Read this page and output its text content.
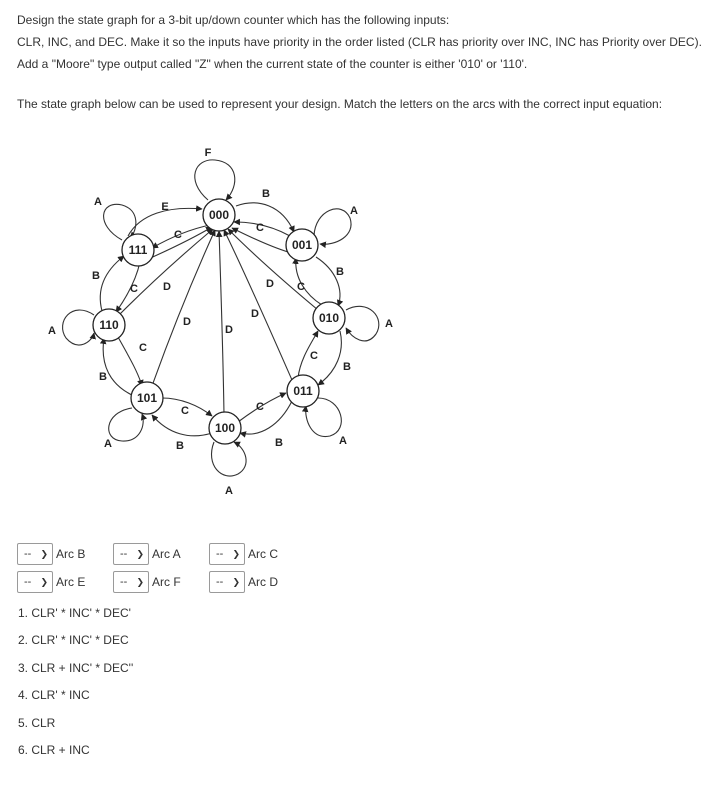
Design the state graph for a 3-bit up/down counter which has the following inputs:

CLR, INC, and DEC. Make it so the inputs have priority in the order listed (CLR has priority over INC, INC has Priority over DEC).

Add a "Moore" type output called "Z" when the current state of the counter is either '010' or '110'.

The state graph below can be used to represent your design. Match the letters on the arcs with the correct input equation:

000
001
010
011
100
101
110
111
F
A	E
C
B
C
A
B
C D	D C
B
A
D
D
D
A
C
C
B
B
C	C
A	B	B	A
A
-- ❯ Arc B	-- ❯ Arc A	-- ❯ Arc C
-- ❯ Arc E	-- ❯ Arc F	-- ❯ Arc D
1. CLR' * INC' * DEC'
2. CLR' * INC' * DEC
3. CLR + INC' * DEC''
4. CLR' * INC
5. CLR
6. CLR + INC
